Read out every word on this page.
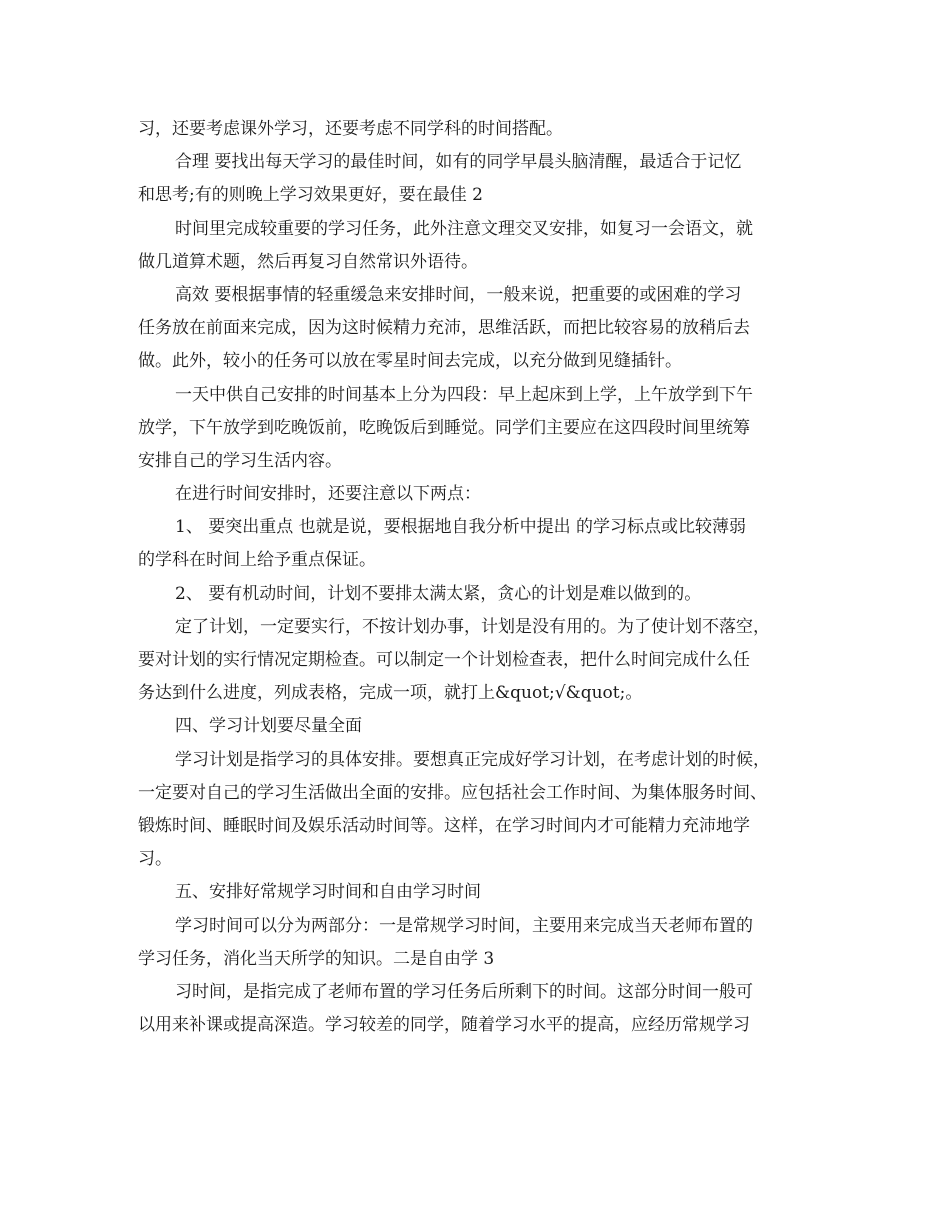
习，还要考虑课外学习，还要考虑不同学科的时间搭配。
合理 要找出每天学习的最佳时间，如有的同学早晨头脑清醒，最适合于记忆
和思考;有的则晚上学习效果更好，要在最佳 2
时间里完成较重要的学习任务，此外注意文理交叉安排，如复习一会语文，就
做几道算术题，然后再复习自然常识外语待。
高效 要根据事情的轻重缓急来安排时间，一般来说，把重要的或困难的学习
任务放在前面来完成，因为这时候精力充沛，思维活跃，而把比较容易的放稍后去
做。此外，较小的任务可以放在零星时间去完成，以充分做到见缝插针。
一天中供自己安排的时间基本上分为四段：早上起床到上学，上午放学到下午
放学，下午放学到吃晚饭前，吃晚饭后到睡觉。同学们主要应在这四段时间里统筹
安排自己的学习生活内容。
在进行时间安排时，还要注意以下两点：
1、 要突出重点 也就是说，要根据地自我分析中提出 的学习标点或比较薄弱
的学科在时间上给予重点保证。
2、 要有机动时间，计划不要排太满太紧，贪心的计划是难以做到的。
定了计划，一定要实行，不按计划办事，计划是没有用的。为了使计划不落空，
要对计划的实行情况定期检查。可以制定一个计划检查表，把什么时间完成什么任
务达到什么进度，列成表格，完成一项，就打上&quot;√&quot;。
四、学习计划要尽量全面
学习计划是指学习的具体安排。要想真正完成好学习计划，在考虑计划的时候，
一定要对自己的学习生活做出全面的安排。应包括社会工作时间、为集体服务时间、
锻炼时间、睡眠时间及娱乐活动时间等。这样，在学习时间内才可能精力充沛地学
习。
五、安排好常规学习时间和自由学习时间
学习时间可以分为两部分：一是常规学习时间，主要用来完成当天老师布置的
学习任务，消化当天所学的知识。二是自由学 3
习时间，是指完成了老师布置的学习任务后所剩下的时间。这部分时间一般可
以用来补课或提高深造。学习较差的同学，随着学习水平的提高，应经历常规学习
